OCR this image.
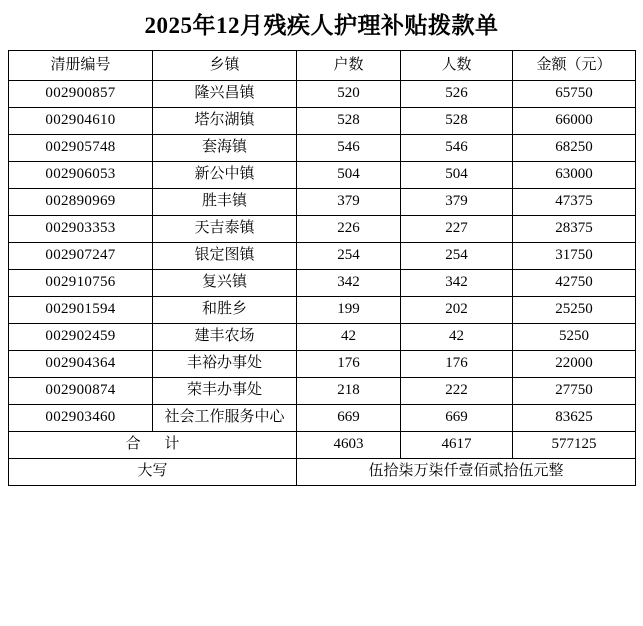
2025年12月残疾人护理补贴拨款单
清册编号	乡镇	户数	人数	金额（元）
002900857	隆兴昌镇	520	526	65750
002904610	塔尔湖镇	528	528	66000
002905748	套海镇	546	546	68250
002906053	新公中镇	504	504	63000
002890969	胜丰镇	379	379	47375
002903353	天吉泰镇	226	227	28375
002907247	银定图镇	254	254	31750
002910756	复兴镇	342	342	42750
002901594	和胜乡	199	202	25250
002902459	建丰农场	42	42	5250
002904364	丰裕办事处	176	176	22000
002900874	荣丰办事处	218	222	27750
002903460	社会工作服务中心	669	669	83625
合 计		4603	4617	577125
大写		伍拾柒万柒仟壹佰贰拾伍元整		
